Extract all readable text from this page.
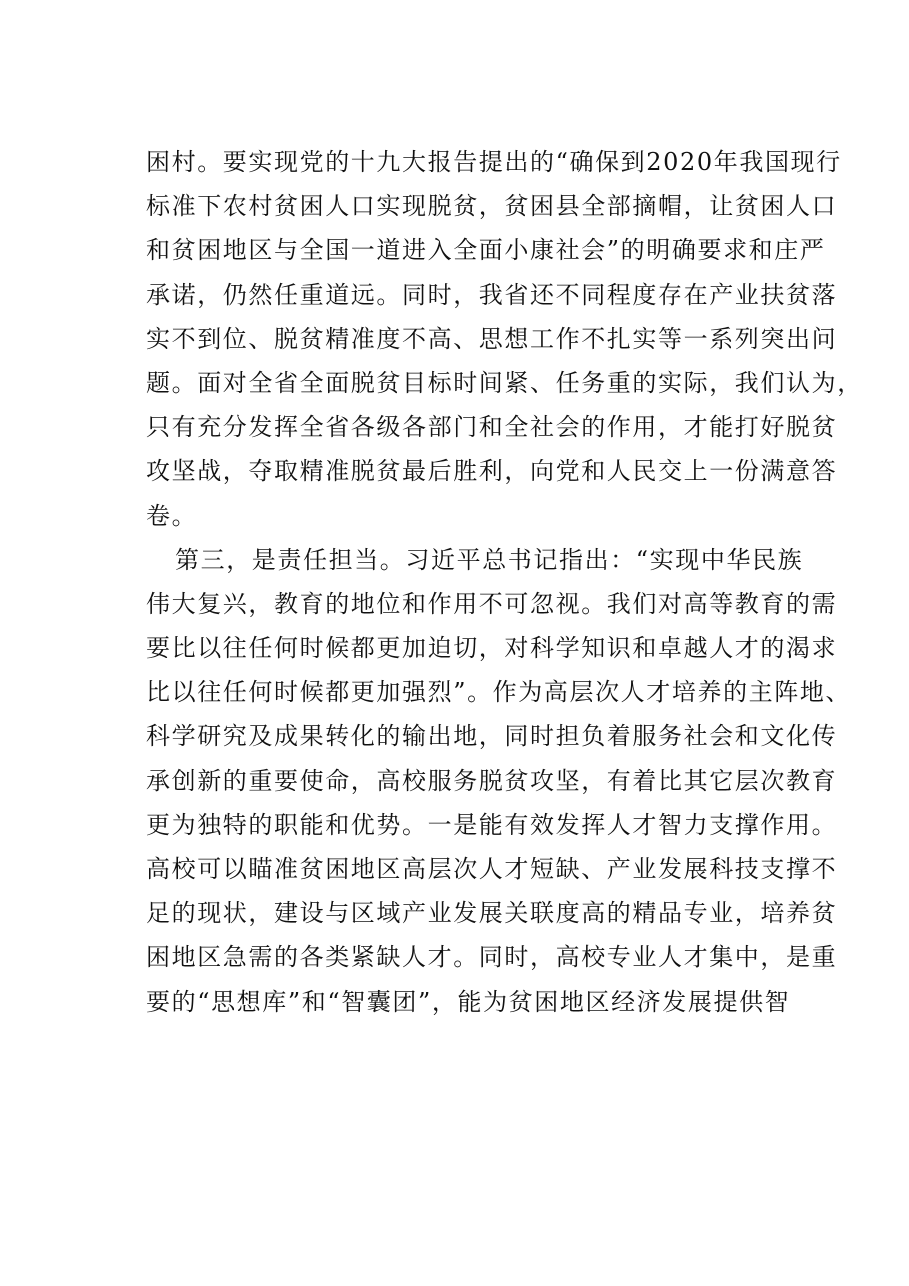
困村。要实现党的十九大报告提出的“确保到2020年我国现行
标准下农村贫困人口实现脱贫，贫困县全部摘帽，让贫困人口
和贫困地区与全国一道进入全面小康社会”的明确要求和庄严
承诺，仍然任重道远。同时，我省还不同程度存在产业扶贫落
实不到位、脱贫精准度不高、思想工作不扎实等一系列突出问
题。面对全省全面脱贫目标时间紧、任务重的实际，我们认为，
只有充分发挥全省各级各部门和全社会的作用，才能打好脱贫
攻坚战，夺取精准脱贫最后胜利，向党和人民交上一份满意答
卷。
第三，是责任担当。习近平总书记指出：“实现中华民族
伟大复兴，教育的地位和作用不可忽视。我们对高等教育的需
要比以往任何时候都更加迫切，对科学知识和卓越人才的渴求
比以往任何时候都更加强烈”。作为高层次人才培养的主阵地、
科学研究及成果转化的输出地，同时担负着服务社会和文化传
承创新的重要使命，高校服务脱贫攻坚，有着比其它层次教育
更为独特的职能和优势。一是能有效发挥人才智力支撑作用。
高校可以瞄准贫困地区高层次人才短缺、产业发展科技支撑不
足的现状，建设与区域产业发展关联度高的精品专业，培养贫
困地区急需的各类紧缺人才。同时，高校专业人才集中，是重
要的“思想库”和“智囊团”，能为贫困地区经济发展提供智
